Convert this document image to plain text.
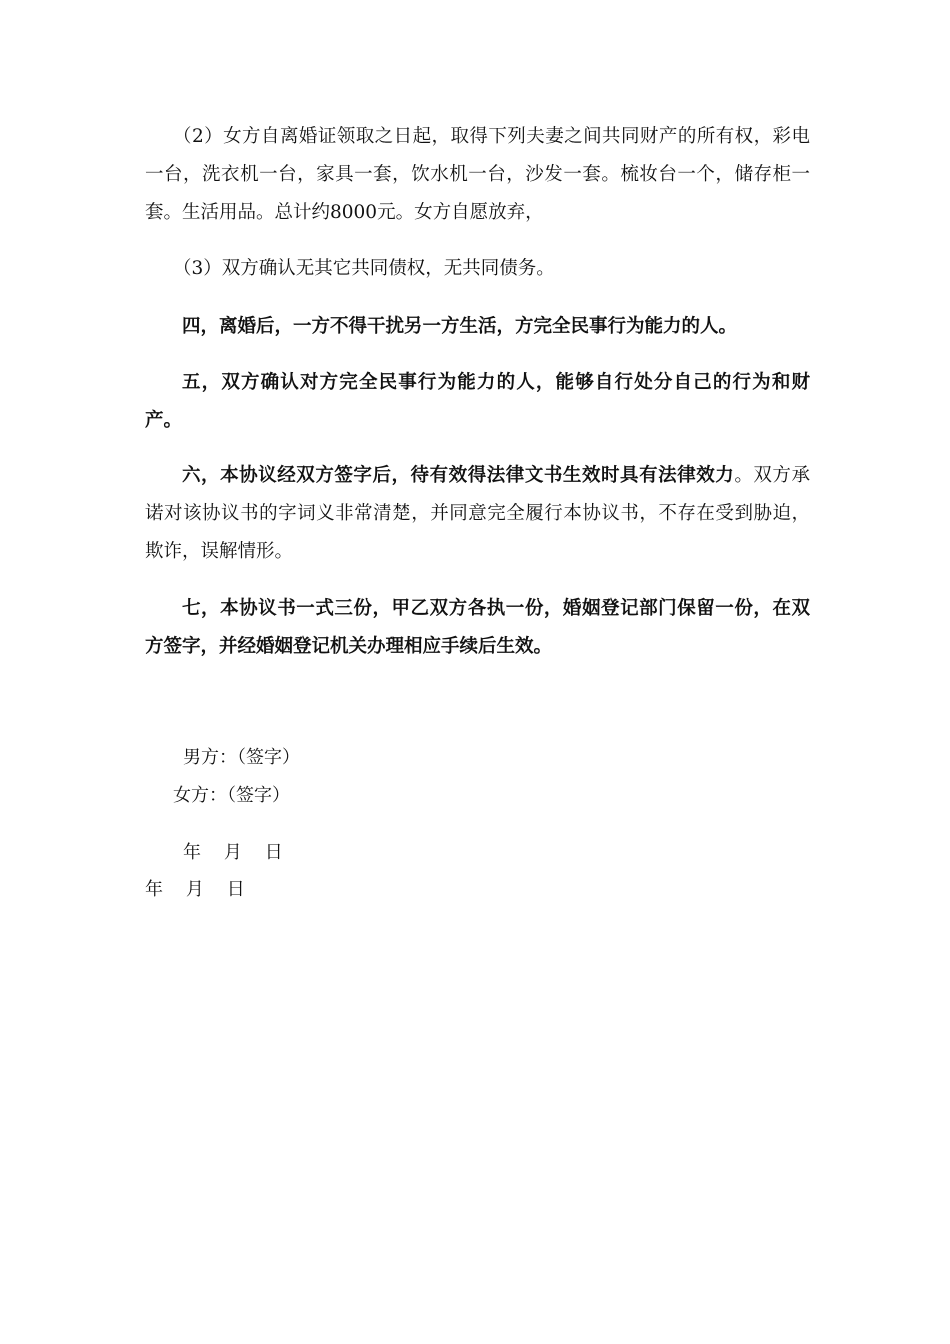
（2）女方自离婚证领取之日起，取得下列夫妻之间共同财产的所有权，彩电一台，洗衣机一台，家具一套，饮水机一台，沙发一套。梳妆台一个，储存柜一套。生活用品。总计约8000元。女方自愿放弃，

（3）双方确认无其它共同债权，无共同债务。

四，离婚后，一方不得干扰另一方生活，方完全民事行为能力的人。

五，双方确认对方完全民事行为能力的人，能够自行处分自己的行为和财产。

六，本协议经双方签字后，待有效得法律文书生效时具有法律效力。双方承诺对该协议书的字词义非常清楚，并同意完全履行本协议书，不存在受到胁迫，欺诈，误解情形。

七，本协议书一式三份，甲乙双方各执一份，婚姻登记部门保留一份，在双方签字，并经婚姻登记机关办理相应手续后生效。

男方：（签字）
女方：（签字）
年    月    日
年    月    日
